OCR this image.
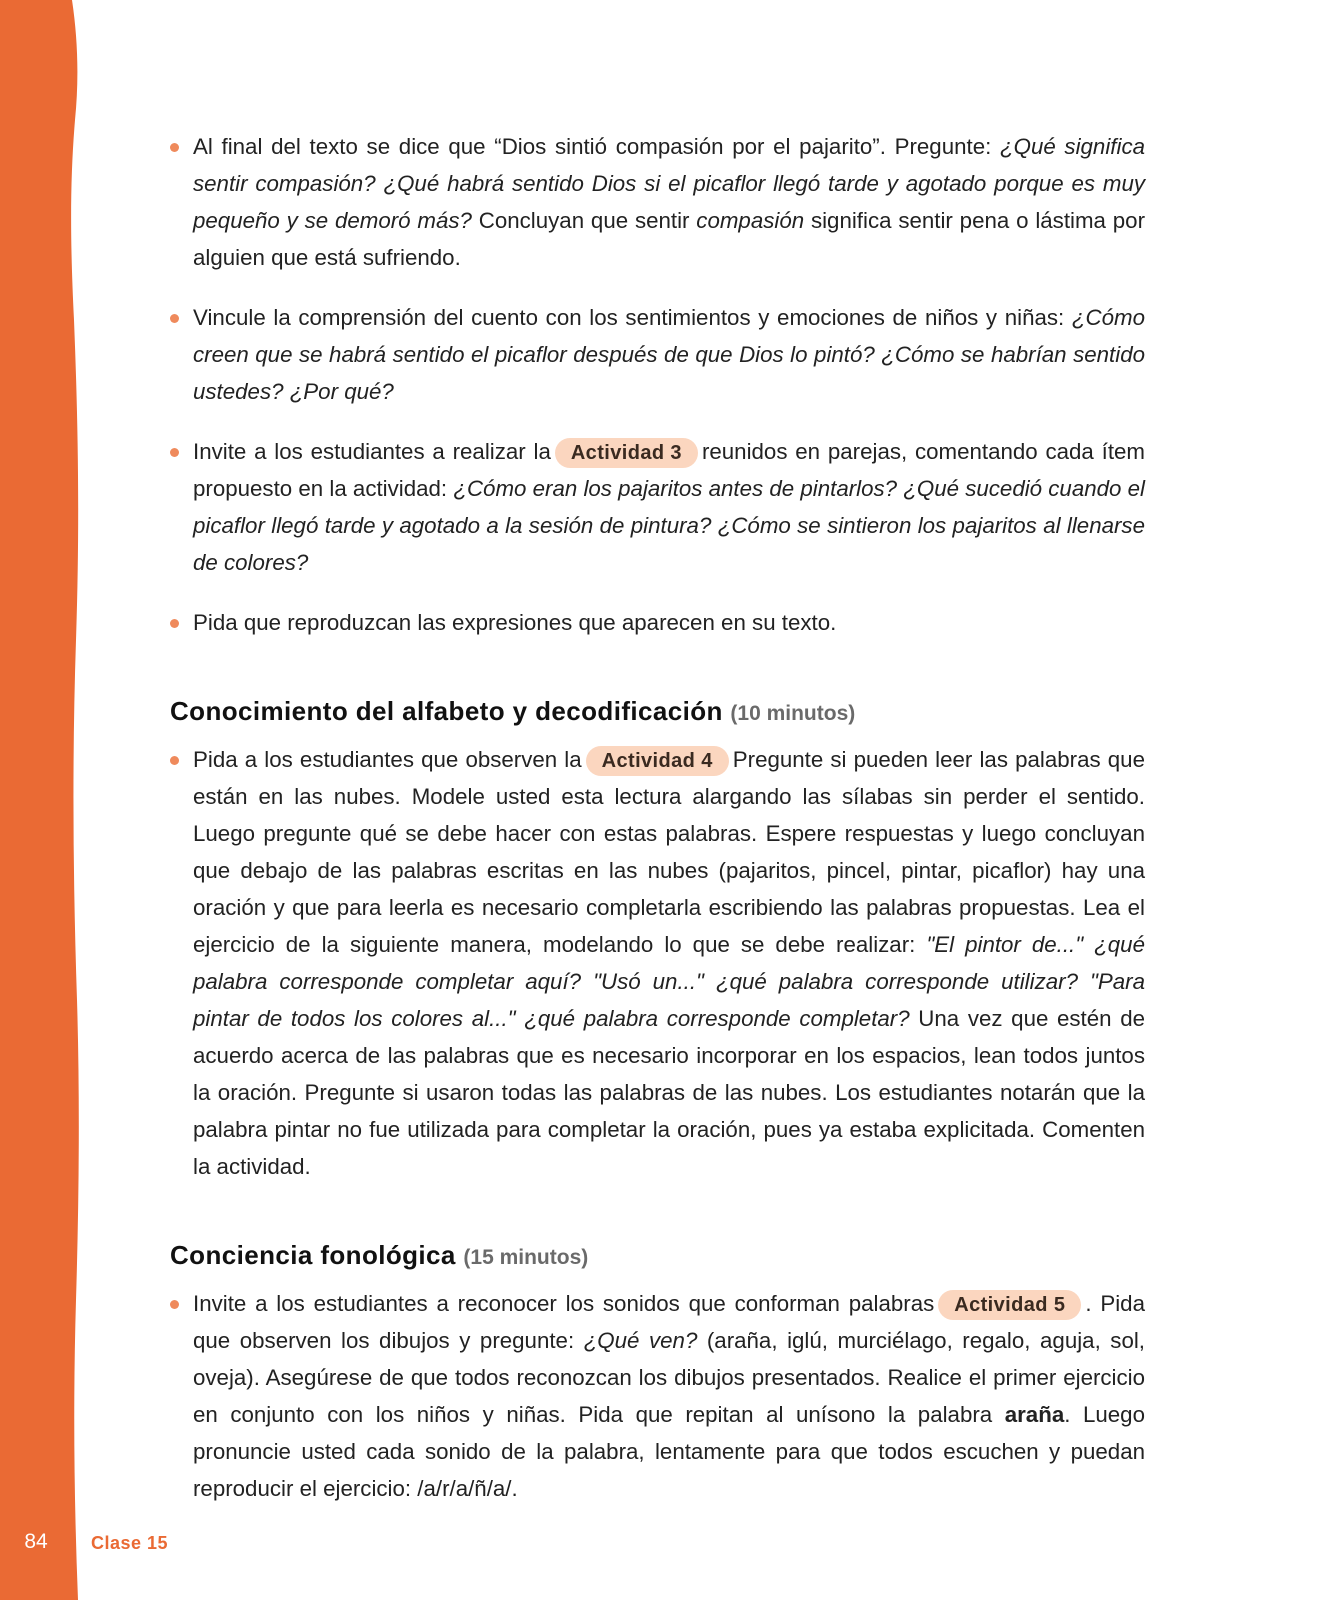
84	Clase 15
Al final del texto se dice que “Dios sintió compasión por el pajarito”. Pregunte: ¿Qué significa sentir compasión? ¿Qué habrá sentido Dios si el picaflor llegó tarde y agotado porque es muy pequeño y se demoró más? Concluyan que sentir compasión significa sentir pena o lástima por alguien que está sufriendo.
Vincule la comprensión del cuento con los sentimientos y emociones de niños y niñas: ¿Cómo creen que se habrá sentido el picaflor después de que Dios lo pintó? ¿Cómo se habrían sentido ustedes? ¿Por qué?
Invite a los estudiantes a realizar la Actividad 3 reunidos en parejas, comentando cada ítem propuesto en la actividad: ¿Cómo eran los pajaritos antes de pintarlos? ¿Qué sucedió cuando el picaflor llegó tarde y agotado a la sesión de pintura? ¿Cómo se sintieron los pajaritos al llenarse de colores?
Pida que reproduzcan las expresiones que aparecen en su texto.
Conocimiento del alfabeto y decodificación (10 minutos)
Pida a los estudiantes que observen la Actividad 4 Pregunte si pueden leer las palabras que están en las nubes. Modele usted esta lectura alargando las sílabas sin perder el sentido. Luego pregunte qué se debe hacer con estas palabras. Espere respuestas y luego concluyan que debajo de las palabras escritas en las nubes (pajaritos, pincel, pintar, picaflor) hay una oración y que para leerla es necesario completarla escribiendo las palabras propuestas. Lea el ejercicio de la siguiente manera, modelando lo que se debe realizar: "El pintor de..." ¿qué palabra corresponde completar aquí? "Usó un..." ¿qué palabra corresponde utilizar? "Para pintar de todos los colores al..." ¿qué palabra corresponde completar? Una vez que estén de acuerdo acerca de las palabras que es necesario incorporar en los espacios, lean todos juntos la oración. Pregunte si usaron todas las palabras de las nubes. Los estudiantes notarán que la palabra pintar no fue utilizada para completar la oración, pues ya estaba explicitada. Comenten la actividad.
Conciencia fonológica (15 minutos)
Invite a los estudiantes a reconocer los sonidos que conforman palabras Actividad 5 . Pida que observen los dibujos y pregunte: ¿Qué ven? (araña, iglú, murciélago, regalo, aguja, sol, oveja). Asegúrese de que todos reconozcan los dibujos presentados. Realice el primer ejercicio en conjunto con los niños y niñas. Pida que repitan al unísono la palabra araña. Luego pronuncie usted cada sonido de la palabra, lentamente para que todos escuchen y puedan reproducir el ejercicio: /a/r/a/ñ/a/.
